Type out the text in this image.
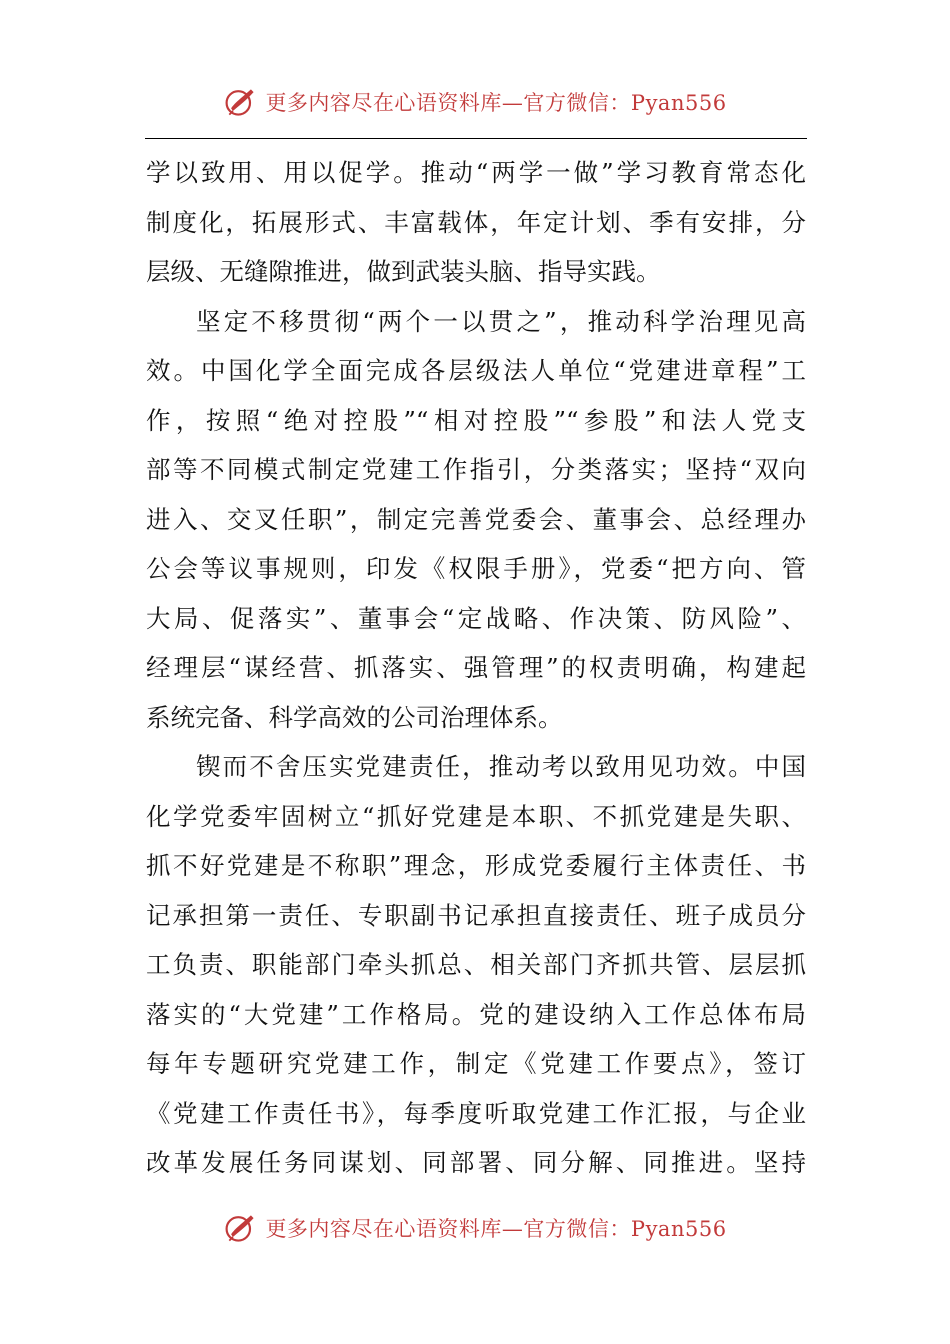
更多内容尽在心语资料库—官方微信：Pyan556
学以致用、用以促学。推动“两学一做”学习教育常态化
制度化，拓展形式、丰富载体，年定计划、季有安排，分
层级、无缝隙推进，做到武装头脑、指导实践。
坚定不移贯彻“两个一以贯之”，推动科学治理见高
效。中国化学全面完成各层级法人单位“党建进章程”工
作，按照“绝对控股”“相对控股”“参股”和法人党支
部等不同模式制定党建工作指引，分类落实；坚持“双向
进入、交叉任职”，制定完善党委会、董事会、总经理办
公会等议事规则，印发《权限手册》，党委“把方向、管
大局、促落实”、董事会“定战略、作决策、防风险”、
经理层“谋经营、抓落实、强管理”的权责明确，构建起
系统完备、科学高效的公司治理体系。
锲而不舍压实党建责任，推动考以致用见功效。中国
化学党委牢固树立“抓好党建是本职、不抓党建是失职、
抓不好党建是不称职”理念，形成党委履行主体责任、书
记承担第一责任、专职副书记承担直接责任、班子成员分
工负责、职能部门牵头抓总、相关部门齐抓共管、层层抓
落实的“大党建”工作格局。党的建设纳入工作总体布局
每年专题研究党建工作，制定《党建工作要点》，签订
《党建工作责任书》，每季度听取党建工作汇报，与企业
改革发展任务同谋划、同部署、同分解、同推进。坚持
更多内容尽在心语资料库—官方微信：Pyan556
